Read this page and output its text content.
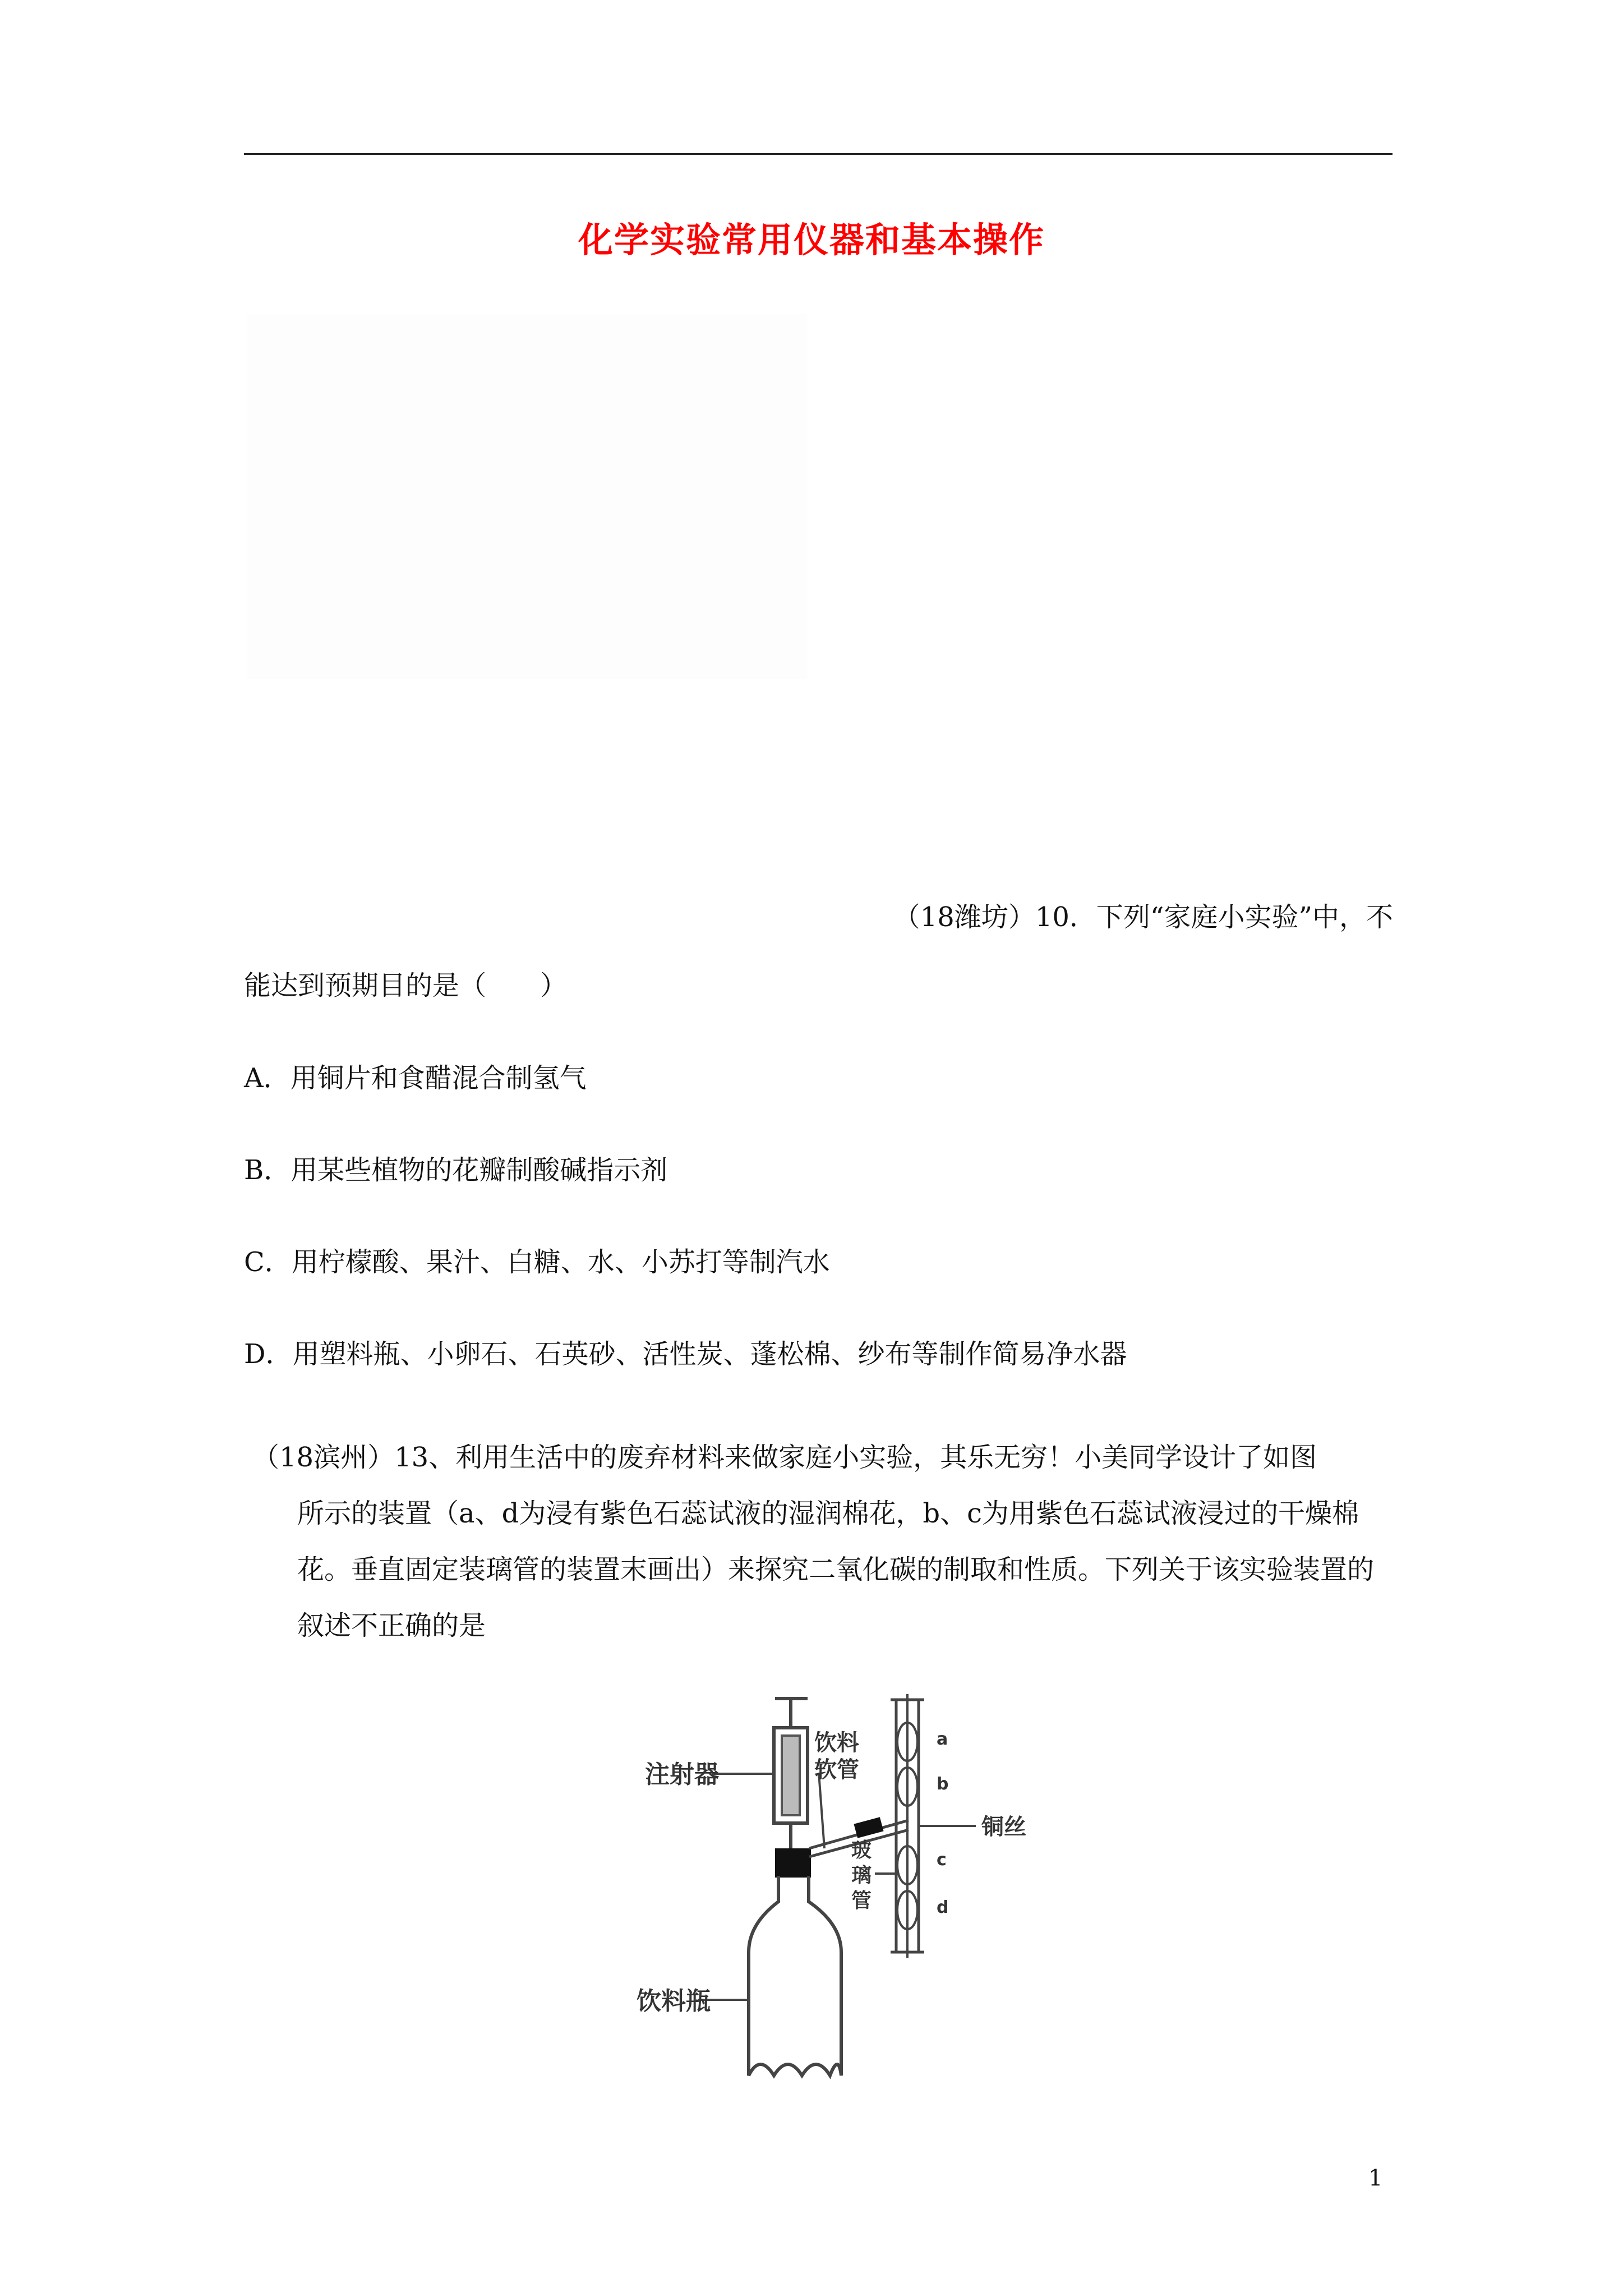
化学实验常用仪器和基本操作
（18潍坊）10．下列“家庭小实验”中，不
能达到预期目的是（　　）
A．用铜片和食醋混合制氢气
B．用某些植物的花瓣制酸碱指示剂
C．用柠檬酸、果汁、白糖、水、小苏打等制汽水
D．用塑料瓶、小卵石、石英砂、活性炭、蓬松棉、纱布等制作简易净水器

（18滨州）13、利用生活中的废弃材料来做家庭小实验，其乐无穷！小美同学设计了如图

所示的装置（a、d为浸有紫色石蕊试液的湿润棉花，b、c为用紫色石蕊试液浸过的干燥棉花。垂直固定装璃管的装置末画出）来探究二氧化碳的制取和性质。下列关于该实验装置的叙述不正确的是

注射器
饮料
软管
饮料瓶
铜丝
玻
璃
管
a
b
c
d
1
